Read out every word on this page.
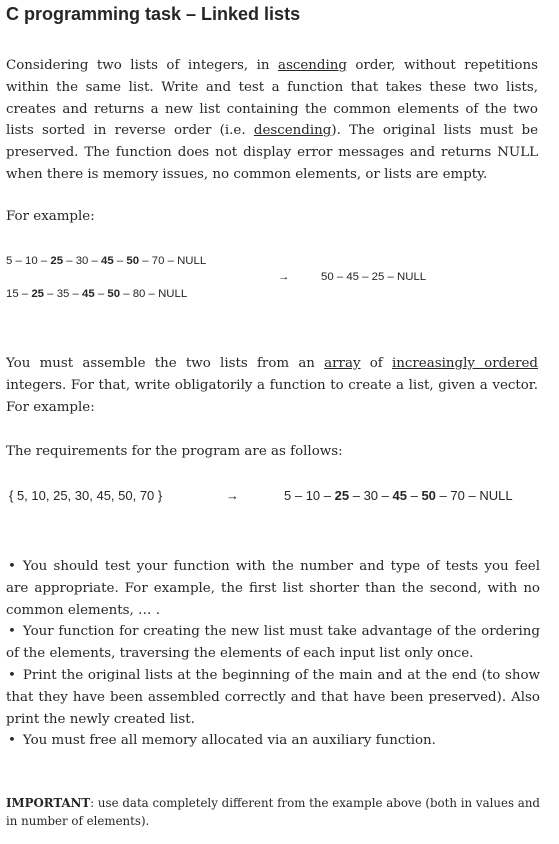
C programming task – Linked lists
Considering two lists of integers, in ascending order, without repetitions within the same list. Write and test a function that takes these two lists, creates and returns a new list containing the common elements of the two lists sorted in reverse order (i.e. descending). The original lists must be preserved. The function does not display error messages and returns NULL when there is memory issues, no common elements, or lists are empty.
For example:
5 – 10 – 25 – 30 – 45 – 50 – 70 – NULL
→	50 – 45 – 25 – NULL
15 – 25 – 35 – 45 – 50 – 80 – NULL
You must assemble the two lists from an array of increasingly ordered integers. For that, write obligatorily a function to create a list, given a vector. For example:
The requirements for the program are as follows:
{ 5, 10, 25, 30, 45, 50, 70 }	→	5 – 10 – 25 – 30 – 45 – 50 – 70 – NULL
• You should test your function with the number and type of tests you feel are appropriate. For example, the first list shorter than the second, with no common elements, … .
• Your function for creating the new list must take advantage of the ordering of the elements, traversing the elements of each input list only once.
• Print the original lists at the beginning of the main and at the end (to show that they have been assembled correctly and that have been preserved). Also print the newly created list.
• You must free all memory allocated via an auxiliary function.
IMPORTANT: use data completely different from the example above (both in values and in number of elements).
